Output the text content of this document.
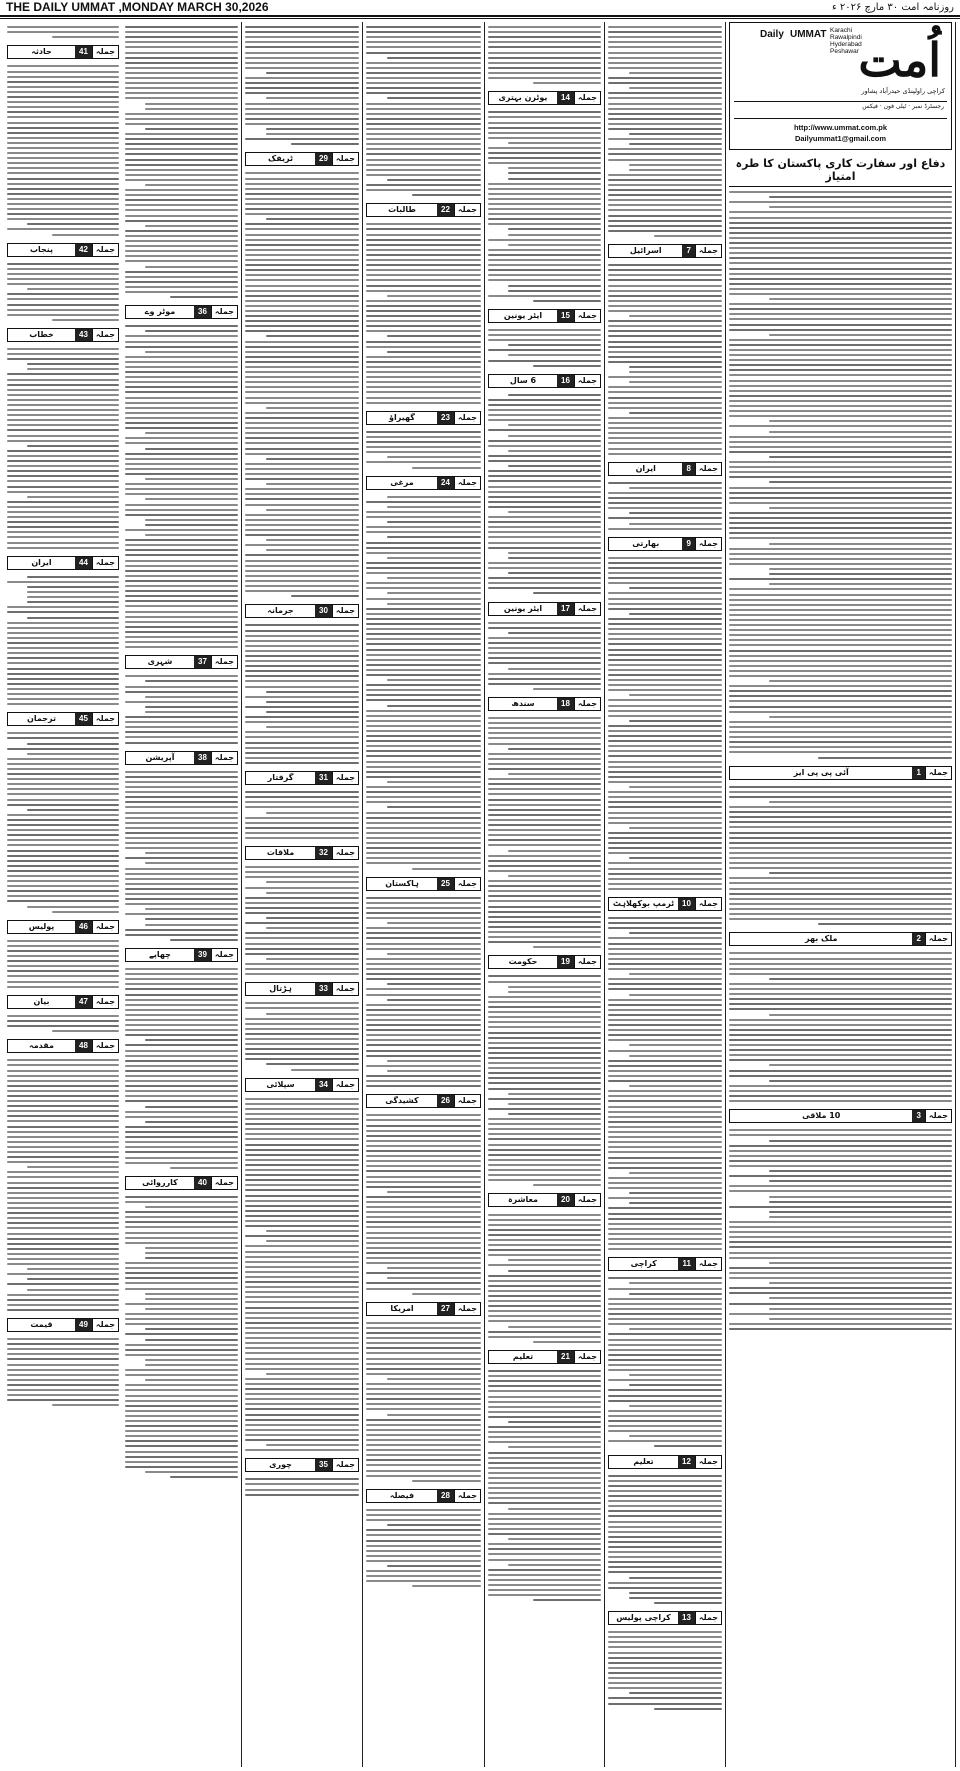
THE DAILY UMMAT ,MONDAY MARCH 30,2026	روزنامہ امت ۳۰ مارچ ۲۰۲۶ ء
Daily UMMAT Karachi
Rawalpindi
Hyderabad
Peshawar اُمت
کراچی راولپنڈی حیدرآباد پشاور
رجسٹرڈ نمبر · ٹیلی فون · فیکس
http://www.ummat.com.pk
Dailyummat1@gmail.com
دفاع اور سفارت کاری پاکستان کا طرہ امتیاز
جملہ
1
آئی پی پی ایز
جملہ
2
ملک بھر
جملہ
3
10 ملاقی
جملہ
7
اسرائیل
جملہ
8
ایران
جملہ
9
بھارتی
جملہ
10
ٹرمپ بوکھلاہٹ
جملہ
11
کراچی
جملہ
12
تعلیم
جملہ
13
کراچی پولیس
جملہ
14
یوٹرن بہتری
جملہ
15
ایئر یونین
جملہ
16
6 سال
جملہ
17
ایئر یونین
جملہ
18
سندھ
جملہ
19
حکومت
جملہ
20
معاشرہ
جملہ
21
تعلیم
جملہ
22
طالبات
جملہ
23
گھیراؤ
جملہ
24
مرغی
جملہ
25
ہاکستان
جملہ
26
کشیدگی
جملہ
27
امریکا
جملہ
28
فیصلہ
جملہ
29
ٹریفک
جملہ
30
جرمانہ
جملہ
31
گرفتار
جملہ
32
ملاقات
جملہ
33
ہڑتال
جملہ
34
سپلائی
جملہ
35
چوری
جملہ
36
موٹر وے
جملہ
37
شہری
جملہ
38
آپریشن
جملہ
39
چھاپے
جملہ
40
کارروائی
جملہ
41
حادثہ
جملہ
42
پنجاب
جملہ
43
خطاب
جملہ
44
ایران
جملہ
45
ترجمان
جملہ
46
پولیس
جملہ
47
بیان
جملہ
48
مقدمہ
جملہ
49
قیمت
